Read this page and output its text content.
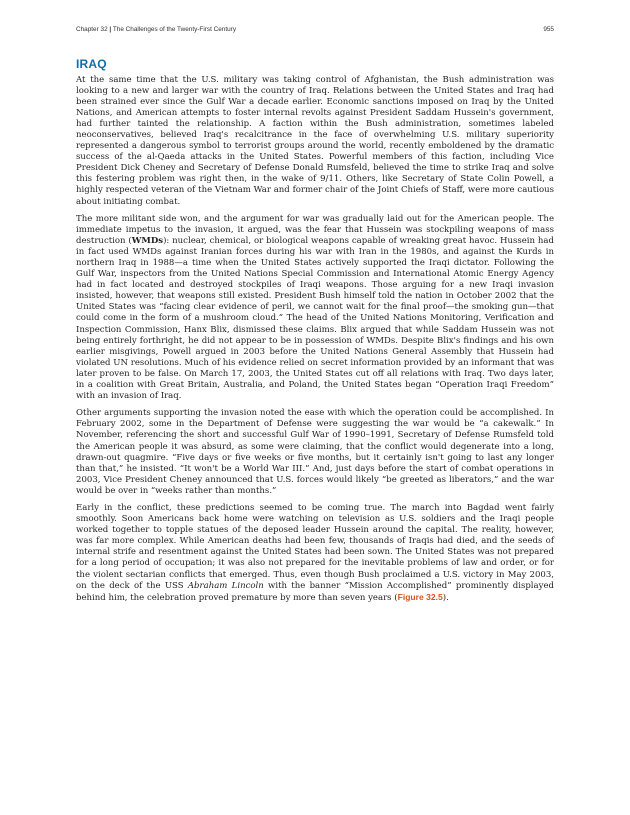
Chapter 32 | The Challenges of the Twenty-First Century	955
IRAQ

At the same time that the U.S. military was taking control of Afghanistan, the Bush administration was looking to a new and larger war with the country of Iraq. Relations between the United States and Iraq had been strained ever since the Gulf War a decade earlier. Economic sanctions imposed on Iraq by the United Nations, and American attempts to foster internal revolts against President Saddam Hussein's government, had further tainted the relationship. A faction within the Bush administration, sometimes labeled neoconservatives, believed Iraq's recalcitrance in the face of overwhelming U.S. military superiority represented a dangerous symbol to terrorist groups around the world, recently emboldened by the dramatic success of the al-Qaeda attacks in the United States. Powerful members of this faction, including Vice President Dick Cheney and Secretary of Defense Donald Rumsfeld, believed the time to strike Iraq and solve this festering problem was right then, in the wake of 9/11. Others, like Secretary of State Colin Powell, a highly respected veteran of the Vietnam War and former chair of the Joint Chiefs of Staff, were more cautious about initiating combat.

The more militant side won, and the argument for war was gradually laid out for the American people. The immediate impetus to the invasion, it argued, was the fear that Hussein was stockpiling weapons of mass destruction (WMDs): nuclear, chemical, or biological weapons capable of wreaking great havoc. Hussein had in fact used WMDs against Iranian forces during his war with Iran in the 1980s, and against the Kurds in northern Iraq in 1988—a time when the United States actively supported the Iraqi dictator. Following the Gulf War, inspectors from the United Nations Special Commission and International Atomic Energy Agency had in fact located and destroyed stockpiles of Iraqi weapons. Those arguing for a new Iraqi invasion insisted, however, that weapons still existed. President Bush himself told the nation in October 2002 that the United States was “facing clear evidence of peril, we cannot wait for the final proof—the smoking gun—that could come in the form of a mushroom cloud.” The head of the United Nations Monitoring, Verification and Inspection Commission, Hanx Blix, dismissed these claims. Blix argued that while Saddam Hussein was not being entirely forthright, he did not appear to be in possession of WMDs. Despite Blix's findings and his own earlier misgivings, Powell argued in 2003 before the United Nations General Assembly that Hussein had violated UN resolutions. Much of his evidence relied on secret information provided by an informant that was later proven to be false. On March 17, 2003, the United States cut off all relations with Iraq. Two days later, in a coalition with Great Britain, Australia, and Poland, the United States began “Operation Iraqi Freedom” with an invasion of Iraq.

Other arguments supporting the invasion noted the ease with which the operation could be accomplished. In February 2002, some in the Department of Defense were suggesting the war would be “a cakewalk.” In November, referencing the short and successful Gulf War of 1990–1991, Secretary of Defense Rumsfeld told the American people it was absurd, as some were claiming, that the conflict would degenerate into a long, drawn-out quagmire. “Five days or five weeks or five months, but it certainly isn't going to last any longer than that,” he insisted. “It won't be a World War III.” And, just days before the start of combat operations in 2003, Vice President Cheney announced that U.S. forces would likely “be greeted as liberators,” and the war would be over in “weeks rather than months.”

Early in the conflict, these predictions seemed to be coming true. The march into Bagdad went fairly smoothly. Soon Americans back home were watching on television as U.S. soldiers and the Iraqi people worked together to topple statues of the deposed leader Hussein around the capital. The reality, however, was far more complex. While American deaths had been few, thousands of Iraqis had died, and the seeds of internal strife and resentment against the United States had been sown. The United States was not prepared for a long period of occupation; it was also not prepared for the inevitable problems of law and order, or for the violent sectarian conflicts that emerged. Thus, even though Bush proclaimed a U.S. victory in May 2003, on the deck of the USS Abraham Lincoln with the banner “Mission Accomplished” prominently displayed behind him, the celebration proved premature by more than seven years (Figure 32.5).
